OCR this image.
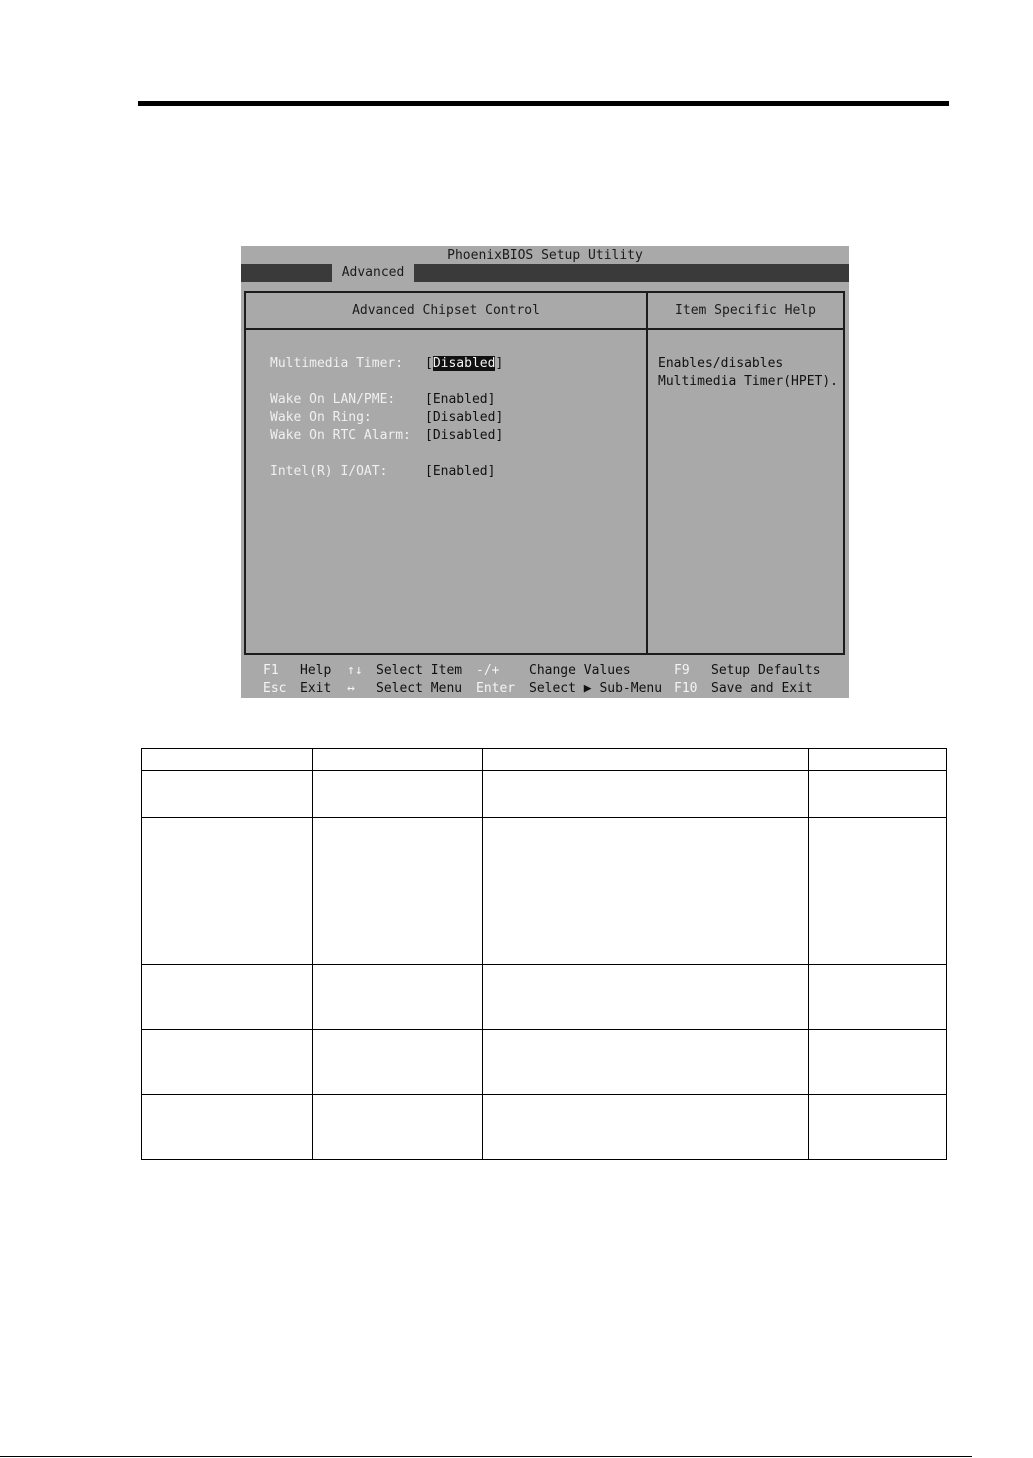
PhoenixBIOS Setup Utility
Advanced
Advanced Chipset Control	Item Specific Help

Multimedia Timer:

[Disabled]

Wake On LAN/PME:

[Enabled]

Wake On Ring:

	[Disabled]

Wake On RTC Alarm:

[Disabled]

Intel(R) I/OAT:

	[Enabled]

Enables/disables
Multimedia Timer(HPET).
F1 Help ↑↓ Select Item -/+ Change Values	F9 Setup Defaults
Esc Exit ↔ Select Menu Enter Select ▶ Sub-Menu F10 Save and Exit
